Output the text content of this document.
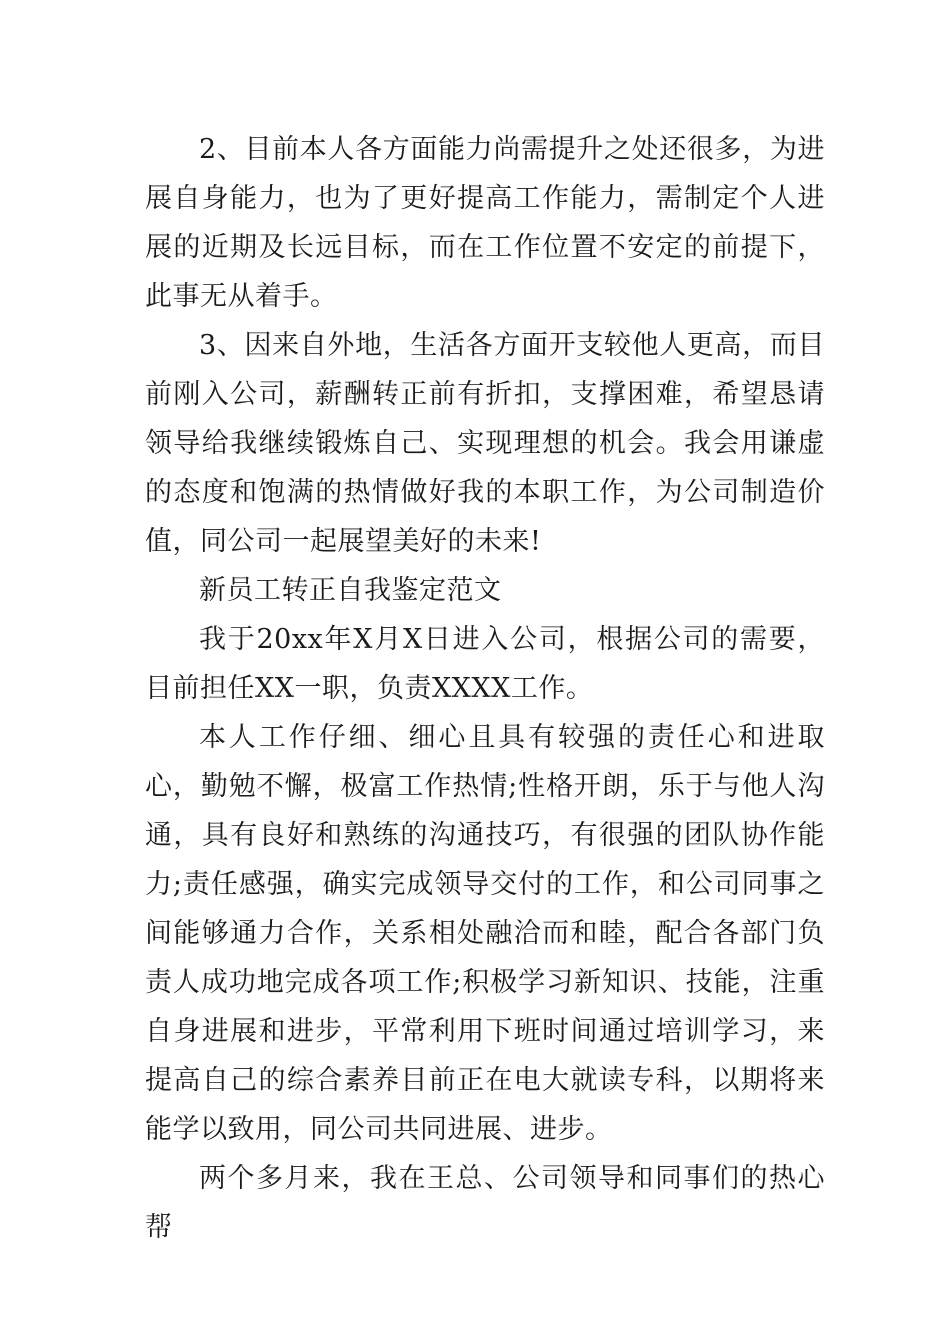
2、目前本人各方面能力尚需提升之处还很多，为进展自身能力，也为了更好提高工作能力，需制定个人进展的近期及长远目标，而在工作位置不安定的前提下，此事无从着手。

3、因来自外地，生活各方面开支较他人更高，而目前刚入公司，薪酬转正前有折扣，支撑困难，希望恳请领导给我继续锻炼自己、实现理想的机会。我会用谦虚的态度和饱满的热情做好我的本职工作，为公司制造价值，同公司一起展望美好的未来!

新员工转正自我鉴定范文

我于20xx年X月X日进入公司，根据公司的需要，目前担任XX一职，负责XXXX工作。

本人工作仔细、细心且具有较强的责任心和进取心，勤勉不懈，极富工作热情;性格开朗，乐于与他人沟通，具有良好和熟练的沟通技巧，有很强的团队协作能力;责任感强，确实完成领导交付的工作，和公司同事之间能够通力合作，关系相处融洽而和睦，配合各部门负责人成功地完成各项工作;积极学习新知识、技能，注重自身进展和进步，平常利用下班时间通过培训学习，来提高自己的综合素养目前正在电大就读专科，以期将来能学以致用，同公司共同进展、进步。

两个多月来，我在王总、公司领导和同事们的热心帮
